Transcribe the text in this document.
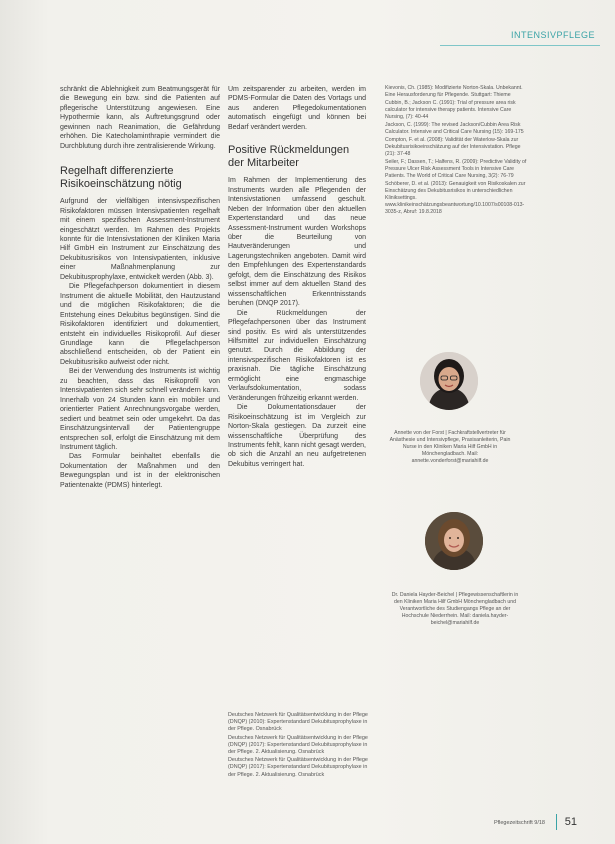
INTENSIVPFLEGE

schränkt die Ablehnigkeit zum Beatmungsgerät für die Bewegung ein bzw. sind die Patienten auf pflegerische Unterstützung angewiesen. Eine Hypothermie kann, als Auftretungsgrund oder gewinnen nach Reanimation, die Gefährdung erhöhen. Die Katecholaminthrapie vermindert die Durchblutung durch ihre zentralisierende Wirkung.

Regelhaft differenzierte Risikoeinschätzung nötig

Aufgrund der vielfältigen intensivspezifischen Risikofaktoren müssen Intensivpatienten regelhaft mit einem spezifischen Assessment-Instrument eingeschätzt werden. Im Rahmen des Projekts konnte für die Intensivstationen der Kliniken Maria Hilf GmbH ein Instrument zur Einschätzung des Dekubitusrisikos von Intensivpatienten, inklusive einer Maßnahmenplanung zur Dekubitusprophylaxe, entwickelt werden (Abb. 3).

Die Pflegefachperson dokumentiert in diesem Instrument die aktuelle Mobilität, den Hautzustand und die möglichen Risikofaktoren; die die Entstehung eines Dekubitus begünstigen. Sind die Risikofaktoren identifiziert und dokumentiert, entsteht ein individuelles Risikoprofil. Auf dieser Grundlage kann die Pflegefachperson abschließend entscheiden, ob der Patient ein Dekubitusrisiko aufweist oder nicht.

Bei der Verwendung des Instruments ist wichtig zu beachten, dass das Risikoprofil von Intensivpatienten sich sehr schnell verändern kann. Innerhalb von 24 Stunden kann ein mobiler und orientierter Patient Anrechnungsvorgabe werden, sediert und beatmet sein oder umgekehrt. Da das Einschätzungsintervall der Patientengruppe entsprechen soll, erfolgt die Einschätzung mit dem Instrument täglich.

Das Formular beinhaltet ebenfalls die Dokumentation der Maßnahmen und den Bewegungsplan und ist in der elektronischen Patientenakte (PDMS) hinterlegt.

Um zeitsparender zu arbeiten, werden im PDMS-Formular die Daten des Vortags und aus anderen Pflegedokumentationen automatisch eingefügt und können bei Bedarf verändert werden.

Positive Rückmeldungen der Mitarbeiter

Im Rahmen der Implementierung des Instruments wurden alle Pflegenden der Intensivstationen umfassend geschult. Neben der Information über den aktuellen Expertenstandard und das neue Assessment-Instrument wurden Workshops über die Beurteilung von Hautveränderungen und Lagerungstechniken angeboten. Damit wird den Empfehlungen des Expertenstandards gefolgt, dem die Einschätzung des Risikos selbst immer auf dem aktuellen Stand des wissenschaftlichen Erkenntnisstands beruhen (DNQP 2017).

Die Rückmeldungen der Pflegefachpersonen über das Instrument sind positiv. Es wird als unterstützendes Hilfsmittel zur individuellen Einschätzung genutzt. Durch die Abbildung der intensivspezifischen Risikofaktoren ist es praxisnah. Die tägliche Einschätzung ermöglicht eine engmaschige Verlaufsdokumentation, sodass Veränderungen frühzeitig erkannt werden.

Die Dokumentationsdauer der Risikoeinschätzung ist im Vergleich zur Norton-Skala gestiegen. Da zurzeit eine wissenschaftliche Überprüfung des Instruments fehlt, kann nicht gesagt werden, ob sich die Anzahl an neu aufgetretenen Dekubitus verringert hat.

Deutsches Netzwerk für Qualitätsentwicklung in der Pflege (DNQP) (2010): Expertenstandard Dekubitusprophylaxe in der Pflege. Osnabrück

Deutsches Netzwerk für Qualitätsentwicklung in der Pflege (DNQP) (2017): Expertenstandard Dekubitusprophylaxe in der Pflege. 2. Aktualisierung. Osnabrück

Deutsches Netzwerk für Qualitätsentwicklung in der Pflege (DNQP) (2017): Expertenstandard Dekubitusprophylaxe in der Pflege. 2. Aktualisierung. Osnabrück

Kievonis, Ch. (1985): Modifizierte Norton-Skala. Unbekannt. Eine Herausforderung für Pflegende. Stuttgart: Thieme

Cubbin, B.; Jackson C. (1991): Trial of pressure area risk calculator for intensive therapy patients. Intensive Care Nursing, (7): 40-44

Jackson, C. (1999): The revised Jackson/Cubbin Area Risk Calculator. Intensive and Critical Care Nursing (15): 169-175

Compton, F. et al. (2008): Validität der Waterlow-Skala zur Dekubitusrisikoeinschätzung auf der Intensivstation. Pflege (21): 37-48

Seiler, F.; Dassen, T.; Halfens, R. (2009): Predictive Validity of Pressure Ulcer Risk Assessment Tools in Intensive Care Patients. The World of Critical Care Nursing, 3(2): 76-79

Schöberer, D. et al. (2013): Genauigkeit von Risikoskalen zur Einschätzung des Dekubitusrisikos in unterschiedlichen Kliniksettings. www.klinikeinschätzungsbeantwortung/10.1007/s00108-013-3035-z, Abruf: 19.8.2018

Annette von der Forst | Fachkraftstellvertreter für Anästhesie und Intensivpflege, Praxisanleiterin, Pain Nurse in den Kliniken Maria Hilf GmbH in Mönchengladbach. Mail: annette.vonderforst@mariahilf.de
Dr. Daniela Hayder-Beichel | Pflegewissenschaftlerin in den Kliniken Maria Hilf GmbH Mönchengladbach und Verantwortliche des Studiengangs Pflege an der Hochschule Niederrhein. Mail: daniela.hayder-beichel@mariahilf.de
Pflegezeitschrift 9/18 51
